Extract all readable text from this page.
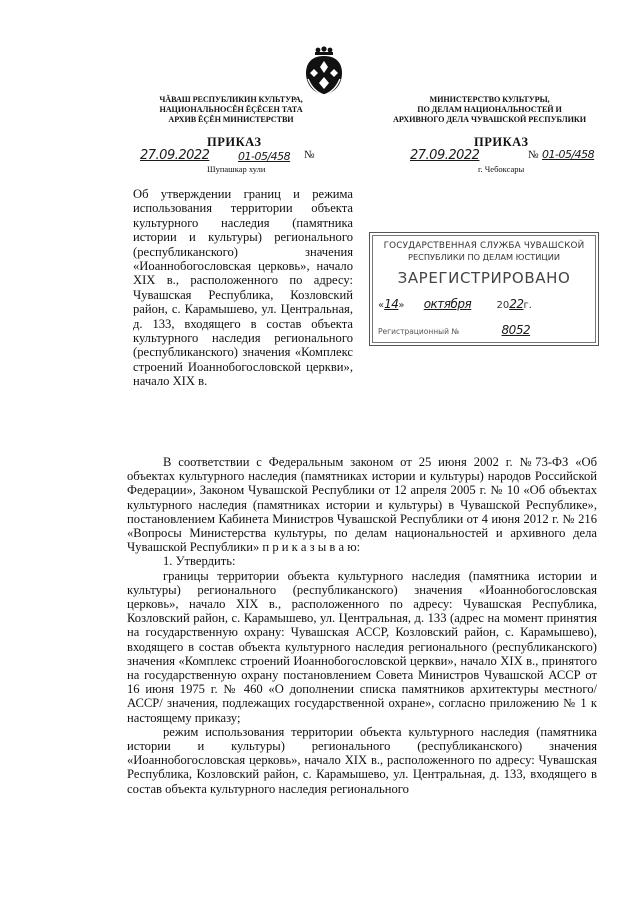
ЧĂВАШ РЕСПУБЛИКИН КУЛЬТУРА,
НАЦИОНАЛЬНОСĔН ĔÇĔСЕН ТАТА
АРХИВ ĔÇĔН МИНИСТЕРСТВИ
МИНИСТЕРСТВО КУЛЬТУРЫ,
ПО ДЕЛАМ НАЦИОНАЛЬНОСТЕЙ И
АРХИВНОГО ДЕЛА ЧУВАШСКОЙ РЕСПУБЛИКИ
ПРИКАЗ
27.09.2022	01-05/458 №
Шупашкар хули
ПРИКАЗ
27.09.2022	№ 01-05/458
г. Чебоксары
Об утверждении границ и режима использования территории объекта культурного наследия (памятника истории и культуры) регионального (республиканского) значения «Иоаннобогословская церковь», начало XIX в., расположенного по адресу: Чувашская Республика, Козловский район, с. Карамышево, ул. Центральная, д. 133, входящего в состав объекта культурного наследия регионального (республиканского) значения «Комплекс строений Иоаннобогословской церкви», начало XIX в.
ГОСУДАРСТВЕННАЯ СЛУЖБА ЧУВАШСКОЙ
РЕСПУБЛИКИ ПО ДЕЛАМ ЮСТИЦИИ
ЗАРЕГИСТРИРОВАНО
«14» октября	2022г.
Регистрационный №	8052

В соответствии с Федеральным законом от 25 июня 2002 г. №73-ФЗ «Об объектах культурного наследия (памятниках истории и культуры) народов Российской Федерации», Законом Чувашской Республики от 12 апреля 2005 г. № 10 «Об объектах культурного наследия (памятниках истории и культуры) в Чувашской Республике», постановлением Кабинета Министров Чувашской Республики от 4 июня 2012 г. № 216 «Вопросы Министерства культуры, по делам национальностей и архивного дела Чувашской Республики» п р и к а з ы в а ю:

1. Утвердить:

границы территории объекта культурного наследия (памятника истории и культуры) регионального (республиканского) значения «Иоаннобогословская церковь», начало XIX в., расположенного по адресу: Чувашская Республика, Козловский район, с. Карамышево, ул. Центральная, д. 133 (адрес на момент принятия на государственную охрану: Чувашская АССР, Козловский район, с. Карамышево), входящего в состав объекта культурного наследия регионального (республиканского) значения «Комплекс строений Иоаннобогословской церкви», начало XIX в., принятого на государственную охрану постановлением Совета Министров Чувашской АССР от 16 июня 1975 г. № 460 «О дополнении списка памятников архитектуры местного/АССР/ значения, подлежащих государственной охране», согласно приложению № 1 к настоящему приказу;

режим использования территории объекта культурного наследия (памятника истории и культуры) регионального (республиканского) значения «Иоаннобогословская церковь», начало XIX в., расположенного по адресу: Чувашская Республика, Козловский район, с. Карамышево, ул. Центральная, д. 133, входящего в состав объекта культурного наследия регионального
